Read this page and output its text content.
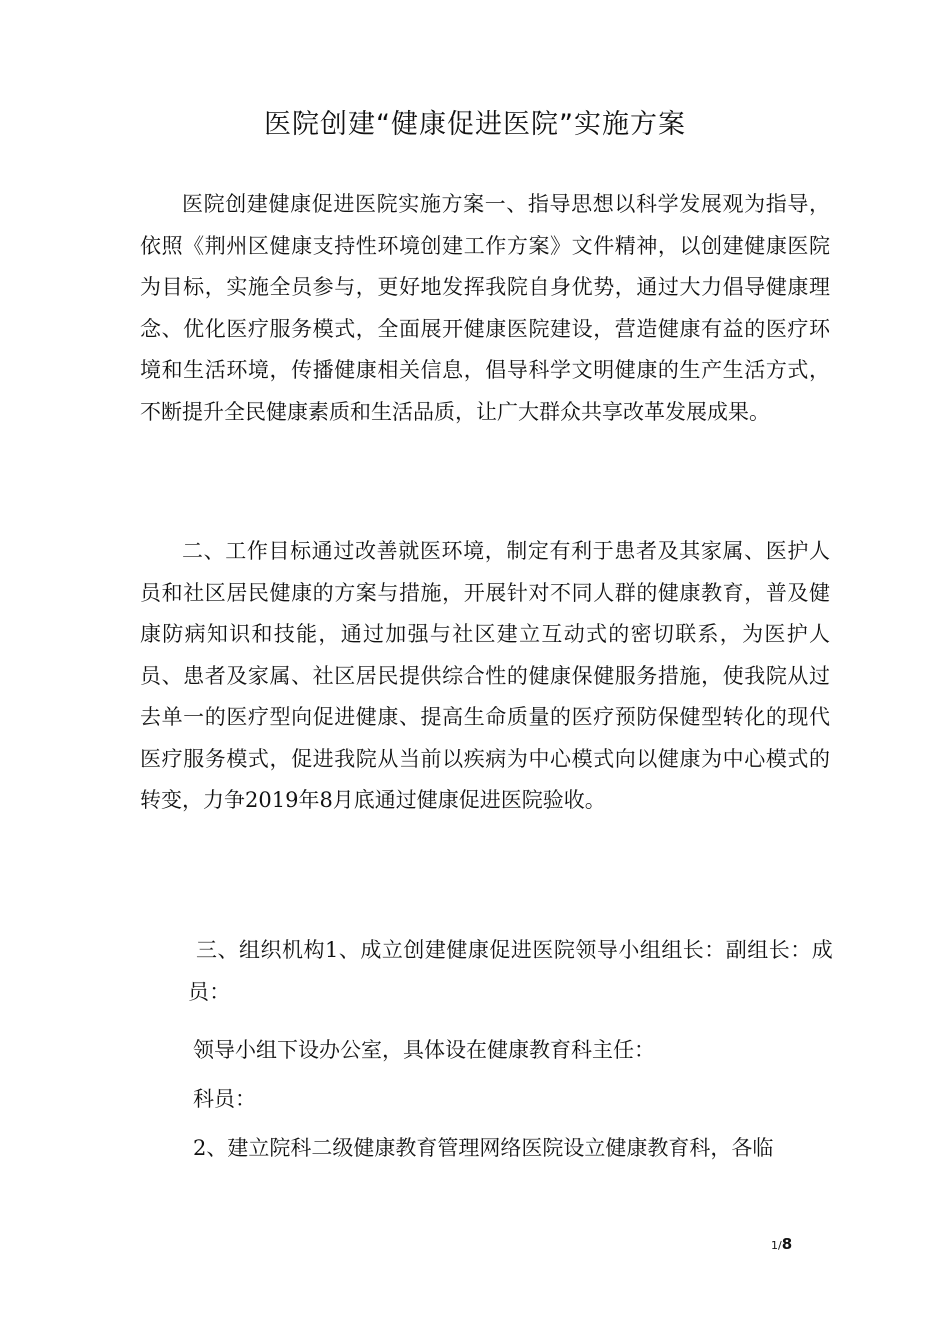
医院创建“健康促进医院”实施方案

医院创建健康促进医院实施方案一、指导思想以科学发展观为指导，依照《荆州区健康支持性环境创建工作方案》文件精神，以创建健康医院为目标，实施全员参与，更好地发挥我院自身优势，通过大力倡导健康理念、优化医疗服务模式，全面展开健康医院建设，营造健康有益的医疗环境和生活环境，传播健康相关信息，倡导科学文明健康的生产生活方式，不断提升全民健康素质和生活品质，让广大群众共享改革发展成果。

二、工作目标通过改善就医环境，制定有利于患者及其家属、医护人员和社区居民健康的方案与措施，开展针对不同人群的健康教育，普及健康防病知识和技能，通过加强与社区建立互动式的密切联系，为医护人员、患者及家属、社区居民提供综合性的健康保健服务措施，使我院从过去单一的医疗型向促进健康、提高生命质量的医疗预防保健型转化的现代医疗服务模式，促进我院从当前以疾病为中心模式向以健康为中心模式的转变，力争2019年8月底通过健康促进医院验收。

三、组织机构1、成立创建健康促进医院领导小组组长：副组长：成员：

领导小组下设办公室，具体设在健康教育科主任：

科员：

2、建立院科二级健康教育管理网络医院设立健康教育科，各临

1/8
